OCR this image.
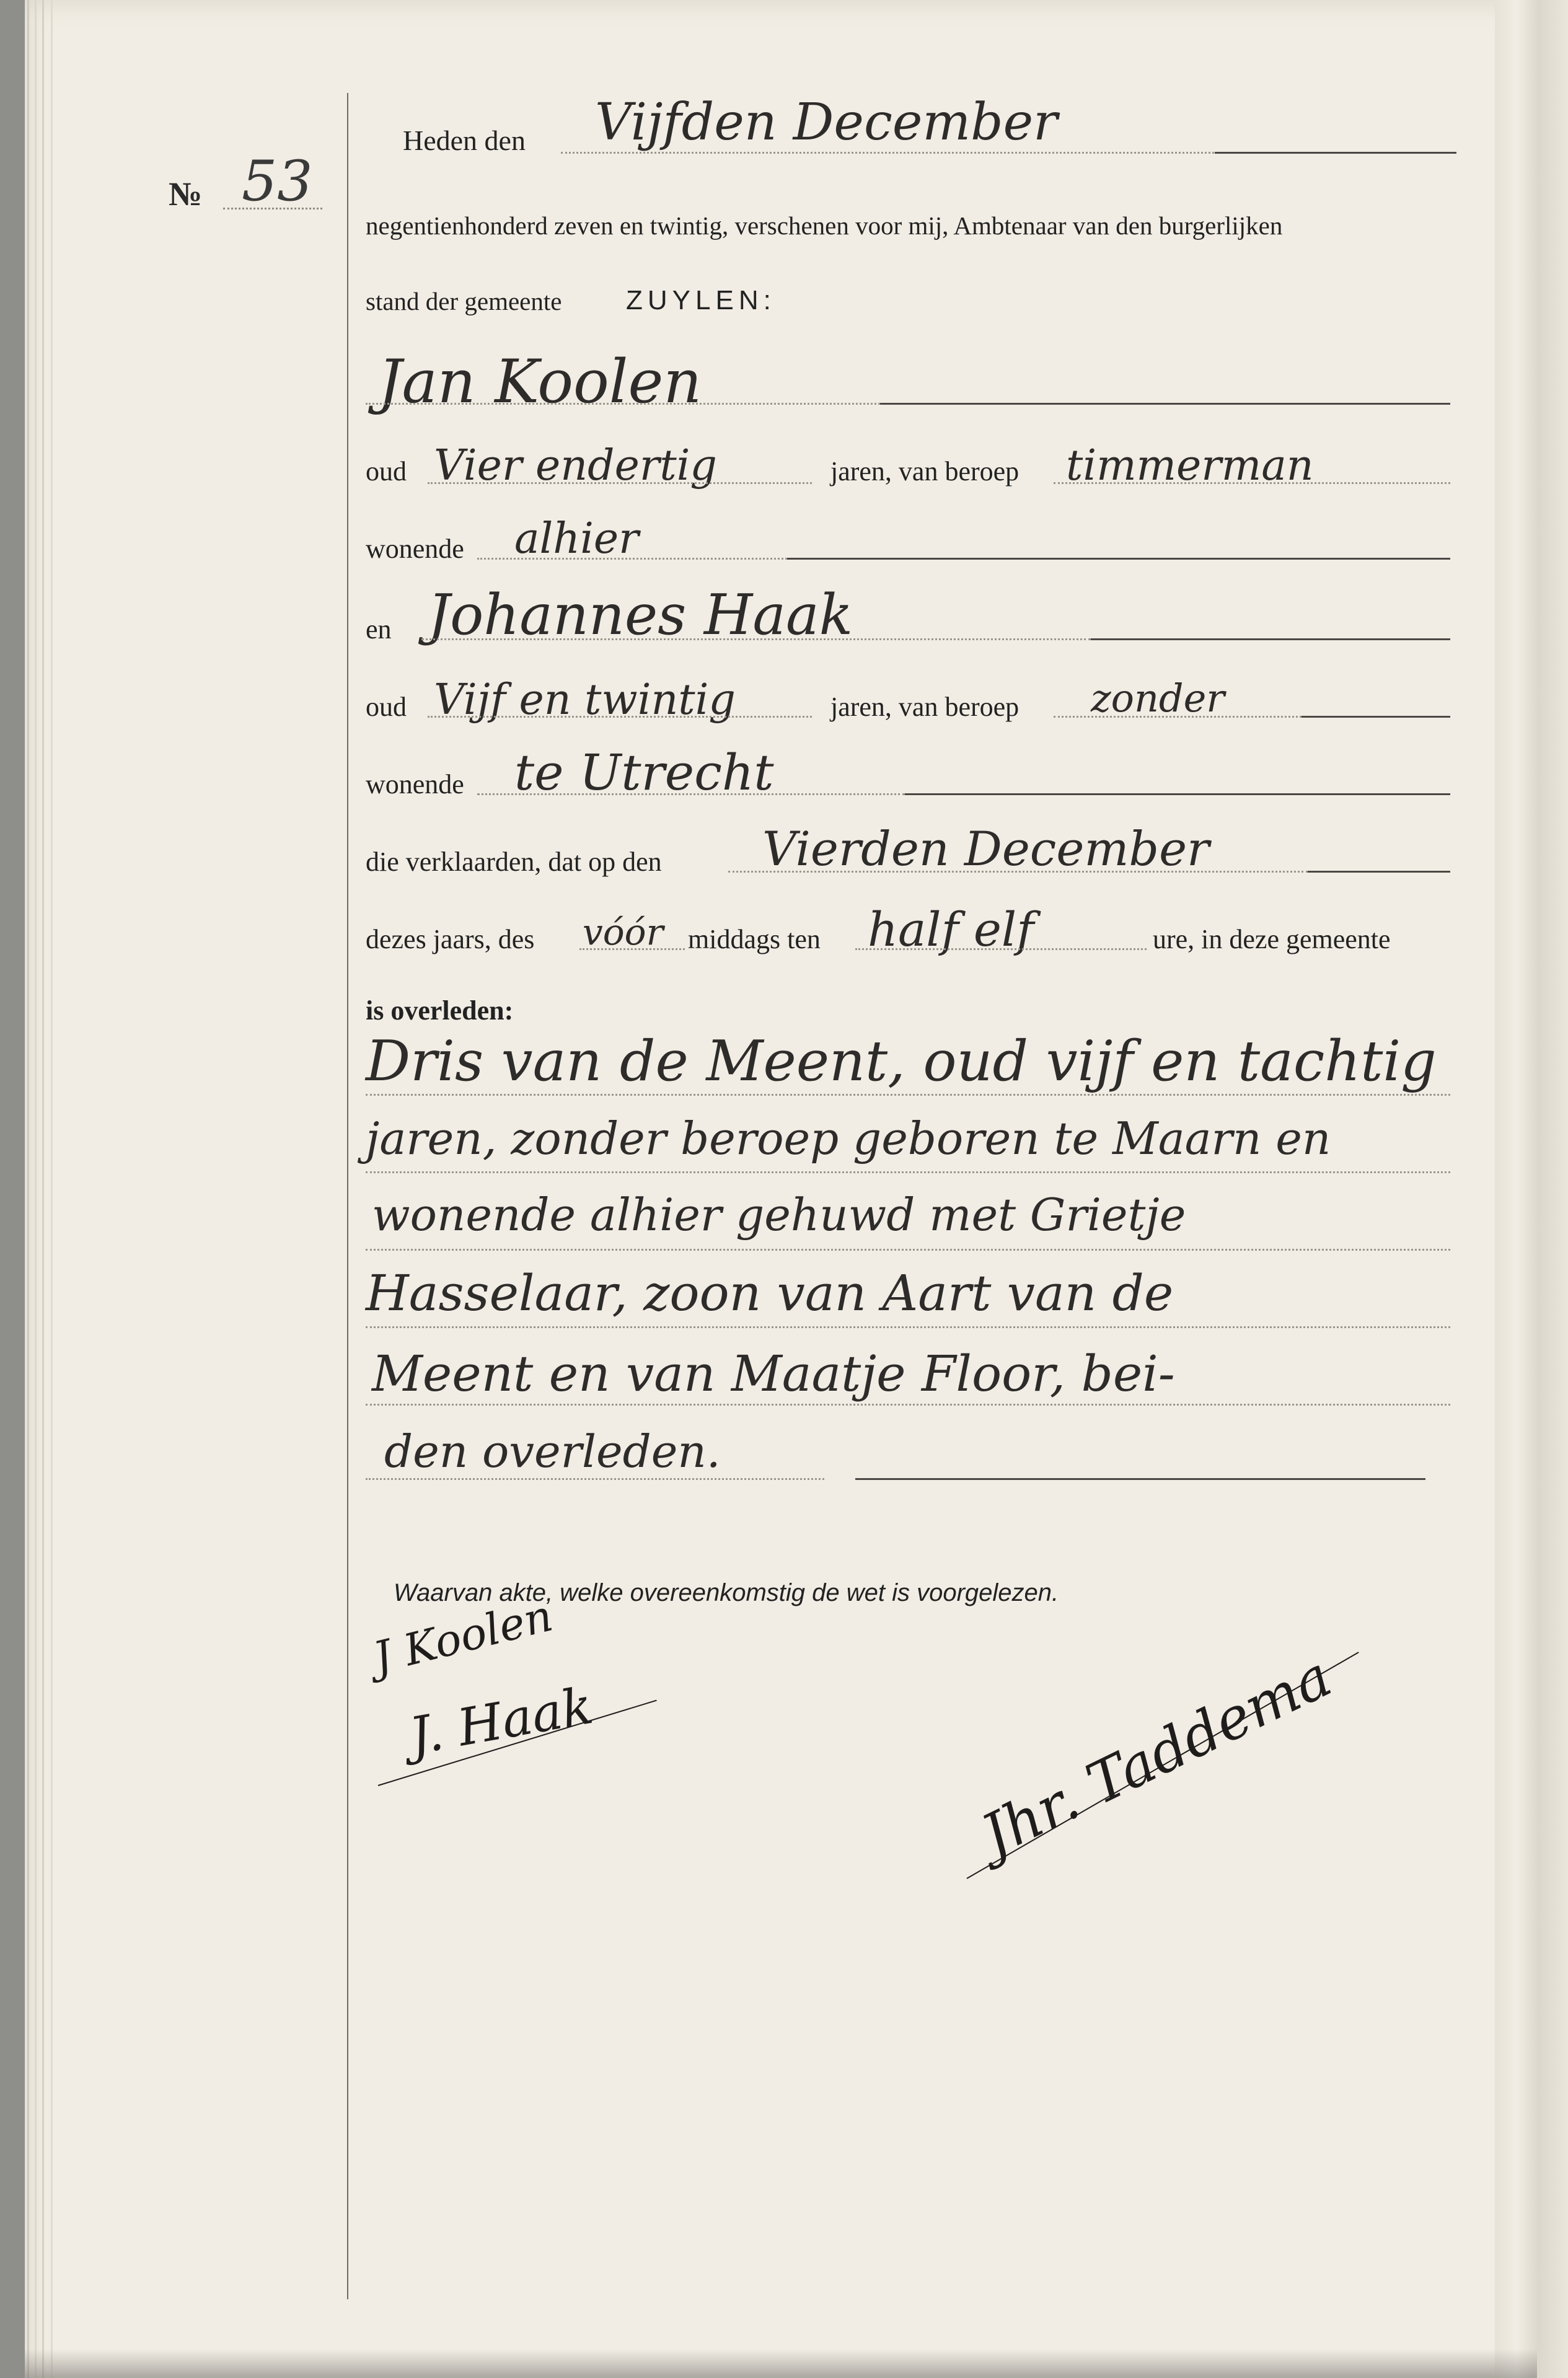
№ 53
Heden den Vijfden December
negentienhonderd zeven en twintig, verschenen voor mij, Ambtenaar van den burgerlijken
stand der gemeente ZUYLEN:
Jan Koolen
oud Vier endertig	jaren, van beroep timmerman
wonende alhier
en Johannes Haak
oud Vijf en twintig	jaren, van beroep zonder
wonende te Utrecht
die verklaarden, dat op den Vierden December
dezes jaars, des vóór middags ten half elf	ure, in deze gemeente
is overleden:
Dris van de Meent, oud vijf en tachtig
jaren, zonder beroep geboren te Maarn en
wonende alhier gehuwd met Grietje
Hasselaar, zoon van Aart van de
Meent en van Maatje Floor, bei-
den overleden.
Waarvan akte, welke overeenkomstig de wet is voorgelezen.
J Koolen
J. Haak	Jhr. Taddema
